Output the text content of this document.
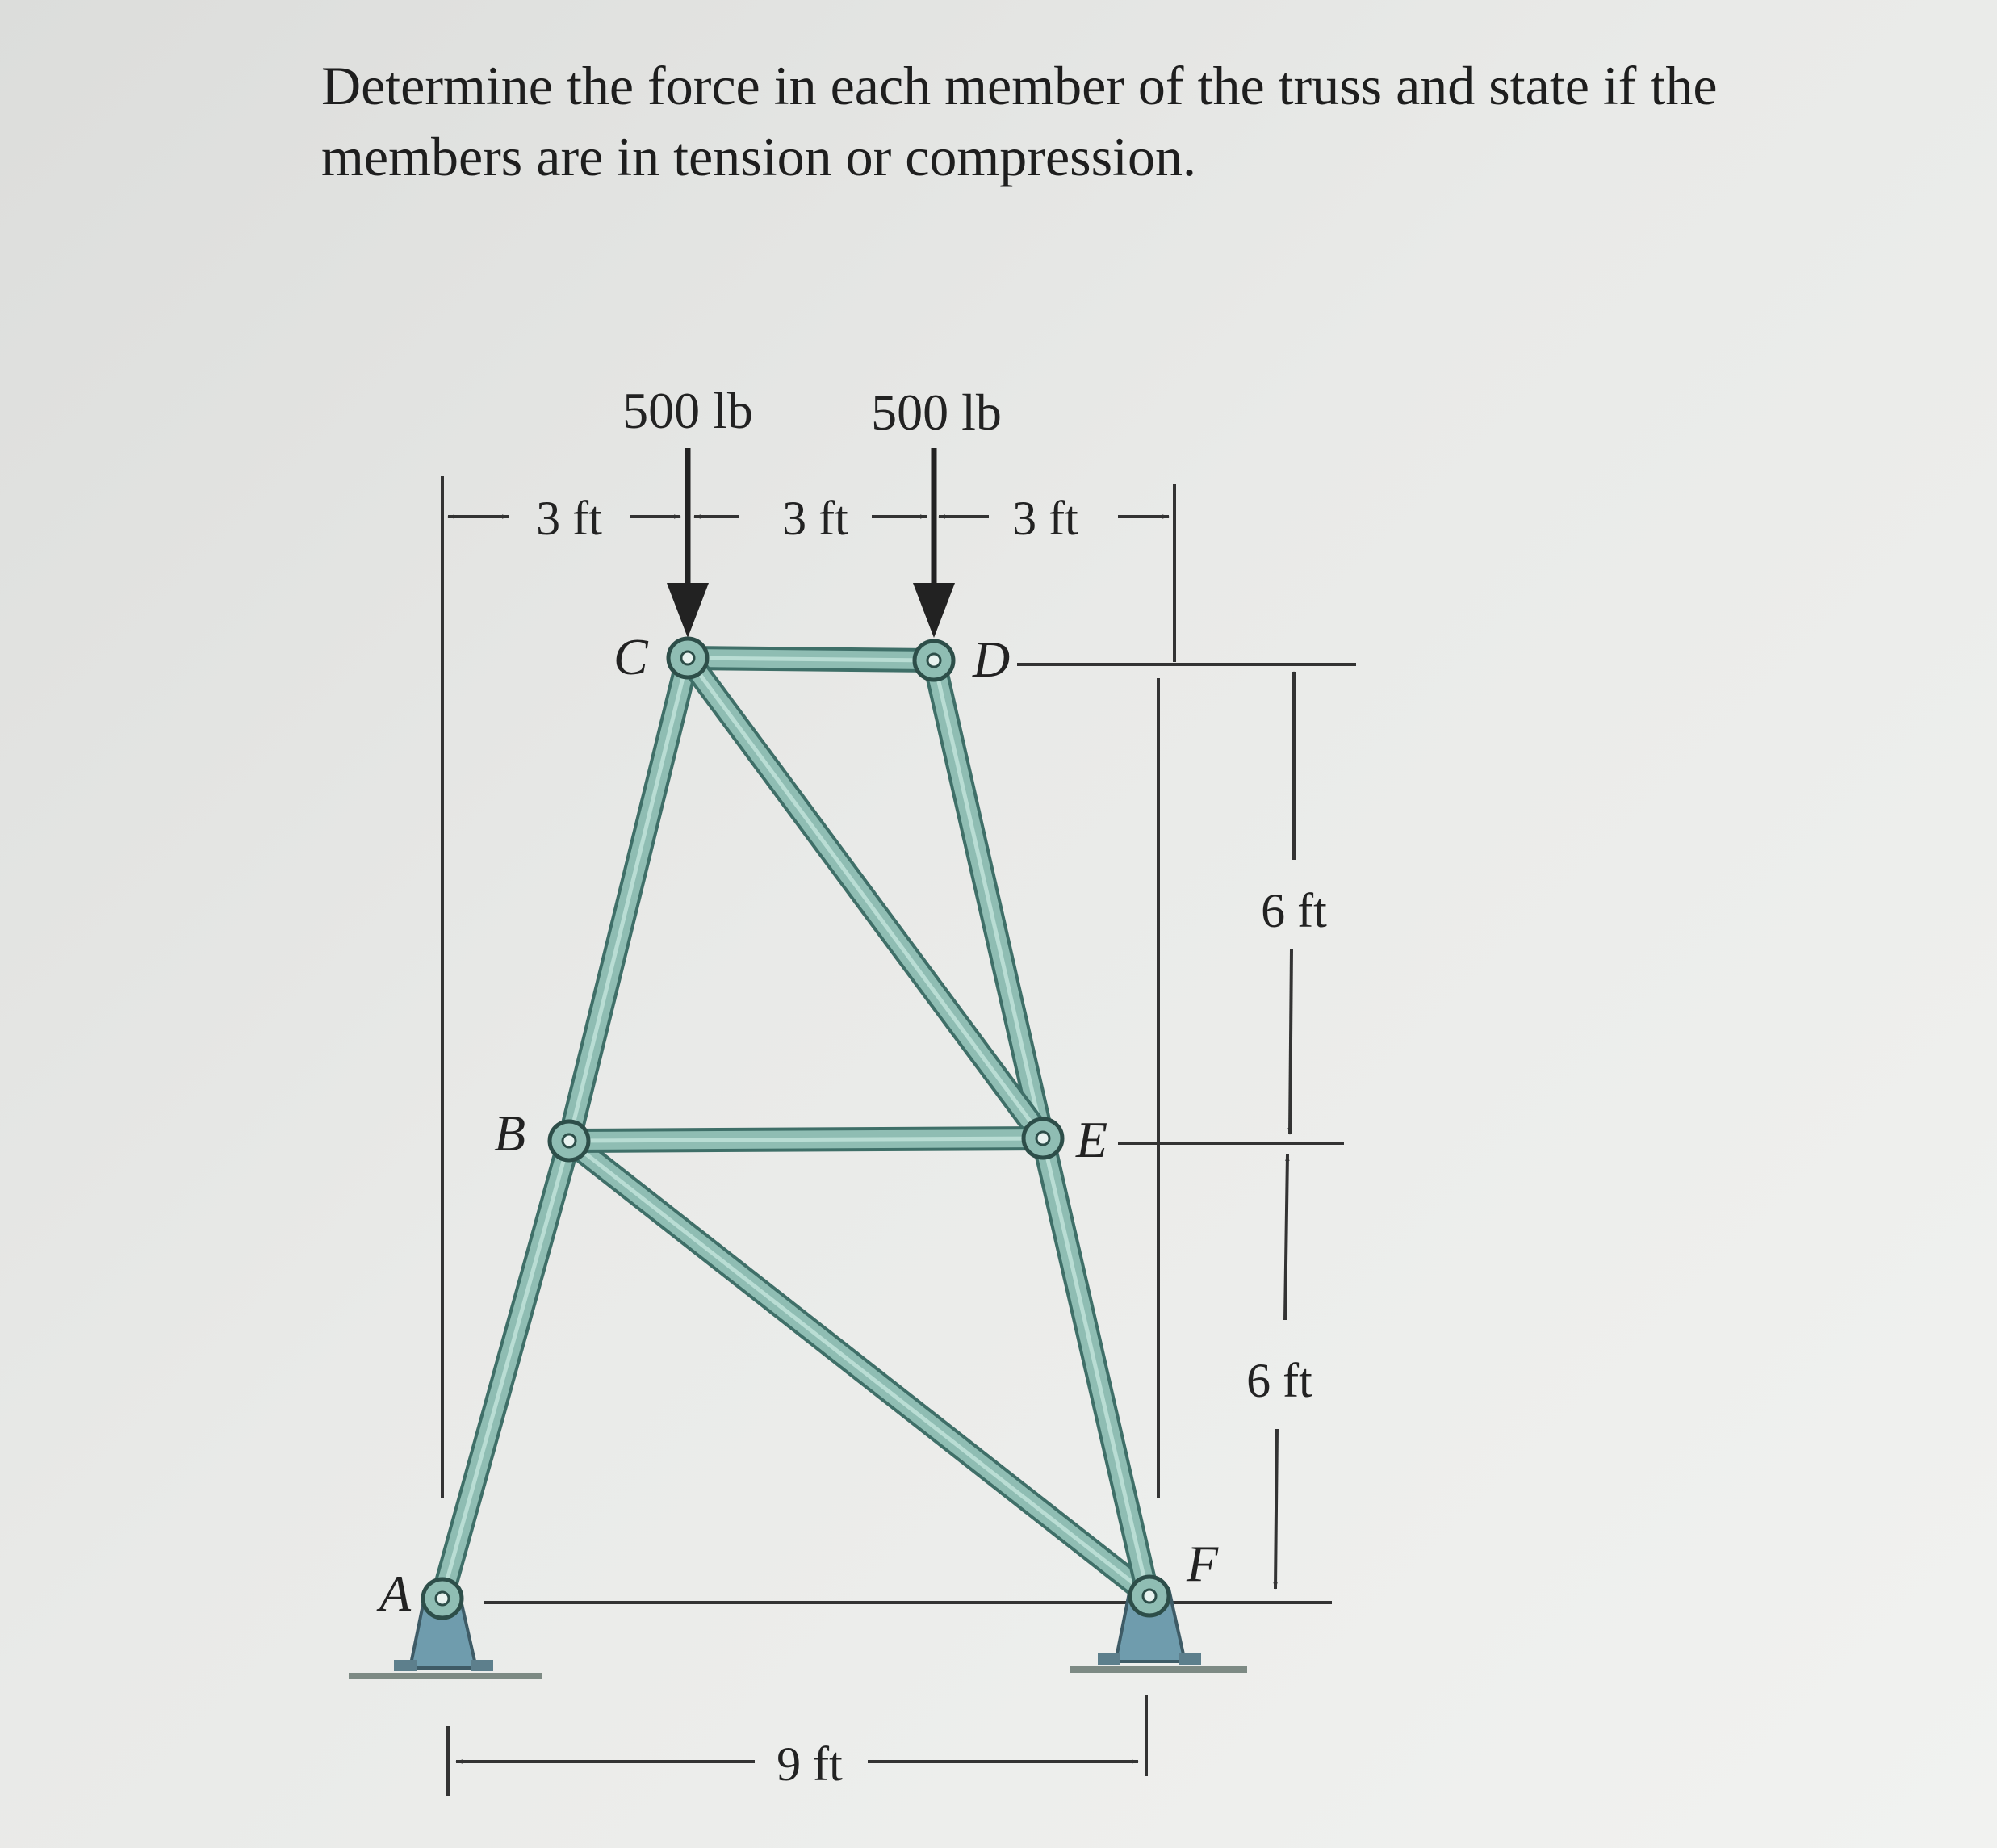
Determine the force in each member of the truss and state if the members are in tension or compression.

500 lb 500 lb
3 ft	3 ft	3 ft
6 ft
6 ft
9 ft
A
B
C	D
E
F
